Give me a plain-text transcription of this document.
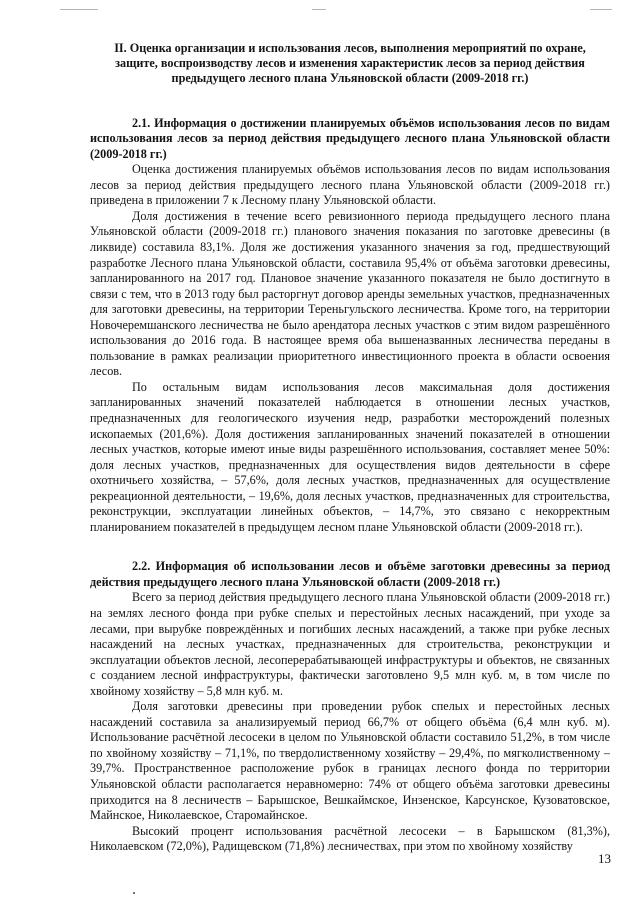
II. Оценка организации и использования лесов, выполнения мероприятий по охране, защите, воспроизводству лесов и изменения характеристик лесов за период действия предыдущего лесного плана Ульяновской области (2009-2018 гг.)
2.1. Информация о достижении планируемых объёмов использования лесов по видам использования лесов за период действия предыдущего лесного плана Ульяновской области (2009-2018 гг.)

Оценка достижения планируемых объёмов использования лесов по видам использования лесов за период действия предыдущего лесного плана Ульяновской области (2009-2018 гг.) приведена в приложении 7 к Лесному плану Ульяновской области.

Доля достижения в течение всего ревизионного периода предыдущего лесного плана Ульяновской области (2009-2018 гг.) планового значения показания по заготовке древесины (в ликвиде) составила 83,1%. Доля же достижения указанного значения за год, предшествующий разработке Лесного плана Ульяновской области, составила 95,4% от объёма заготовки древесины, запланированного на 2017 год. Плановое значение указанного показателя не было достигнуто в связи с тем, что в 2013 году был расторгнут договор аренды земельных участков, предназначенных для заготовки древесины, на территории Тереньгульского лесничества. Кроме того, на территории Новочеремшанского лесничества не было арендатора лесных участков с этим видом разрешённого использования до 2016 года. В настоящее время оба вышеназванных лесничества переданы в пользование в рамках реализации приоритетного инвестиционного проекта в области освоения лесов.

По остальным видам использования лесов максимальная доля достижения запланированных значений показателей наблюдается в отношении лесных участков, предназначенных для геологического изучения недр, разработки месторождений полезных ископаемых (201,6%). Доля достижения запланированных значений показателей в отношении лесных участков, которые имеют иные виды разрешённого использования, составляет менее 50%: доля лесных участков, предназначенных для осуществления видов деятельности в сфере охотничьего хозяйства, – 57,6%, доля лесных участков, предназначенных для осуществление рекреационной деятельности, – 19,6%, доля лесных участков, предназначенных для строительства, реконструкции, эксплуатации линейных объектов, – 14,7%, это связано с некорректным планированием показателей в предыдущем лесном плане Ульяновской области (2009-2018 гг.).

2.2. Информация об использовании лесов и объёме заготовки древесины за период действия предыдущего лесного плана Ульяновской области (2009-2018 гг.)

Всего за период действия предыдущего лесного плана Ульяновской области (2009-2018 гг.) на землях лесного фонда при рубке спелых и перестойных лесных насаждений, при уходе за лесами, при вырубке повреждённых и погибших лесных насаждений, а также при рубке лесных насаждений на лесных участках, предназначенных для строительства, реконструкции и эксплуатации объектов лесной, лесоперерабатывающей инфраструктуры и объектов, не связанных с созданием лесной инфраструктуры, фактически заготовлено 9,5 млн куб. м, в том числе по хвойному хозяйству – 5,8 млн куб. м.

Доля заготовки древесины при проведении рубок спелых и перестойных лесных насаждений составила за анализируемый период 66,7% от общего объёма (6,4 млн куб. м). Использование расчётной лесосеки в целом по Ульяновской области составило 51,2%, в том числе по хвойному хозяйству – 71,1%, по твердолиственному хозяйству – 29,4%, по мягколиственному – 39,7%. Пространственное расположение рубок в границах лесного фонда по территории Ульяновской области располагается неравномерно: 74% от общего объёма заготовки древесины приходится на 8 лесничеств – Барышское, Вешкаймское, Инзенское, Карсунское, Кузоватовское, Майнское, Николаевское, Старомайнское.

Высокий процент использования расчётной лесосеки – в Барышском (81,3%), Николаевском (72,0%), Радищевском (71,8%) лесничествах, при этом по хвойному хозяйству

13
